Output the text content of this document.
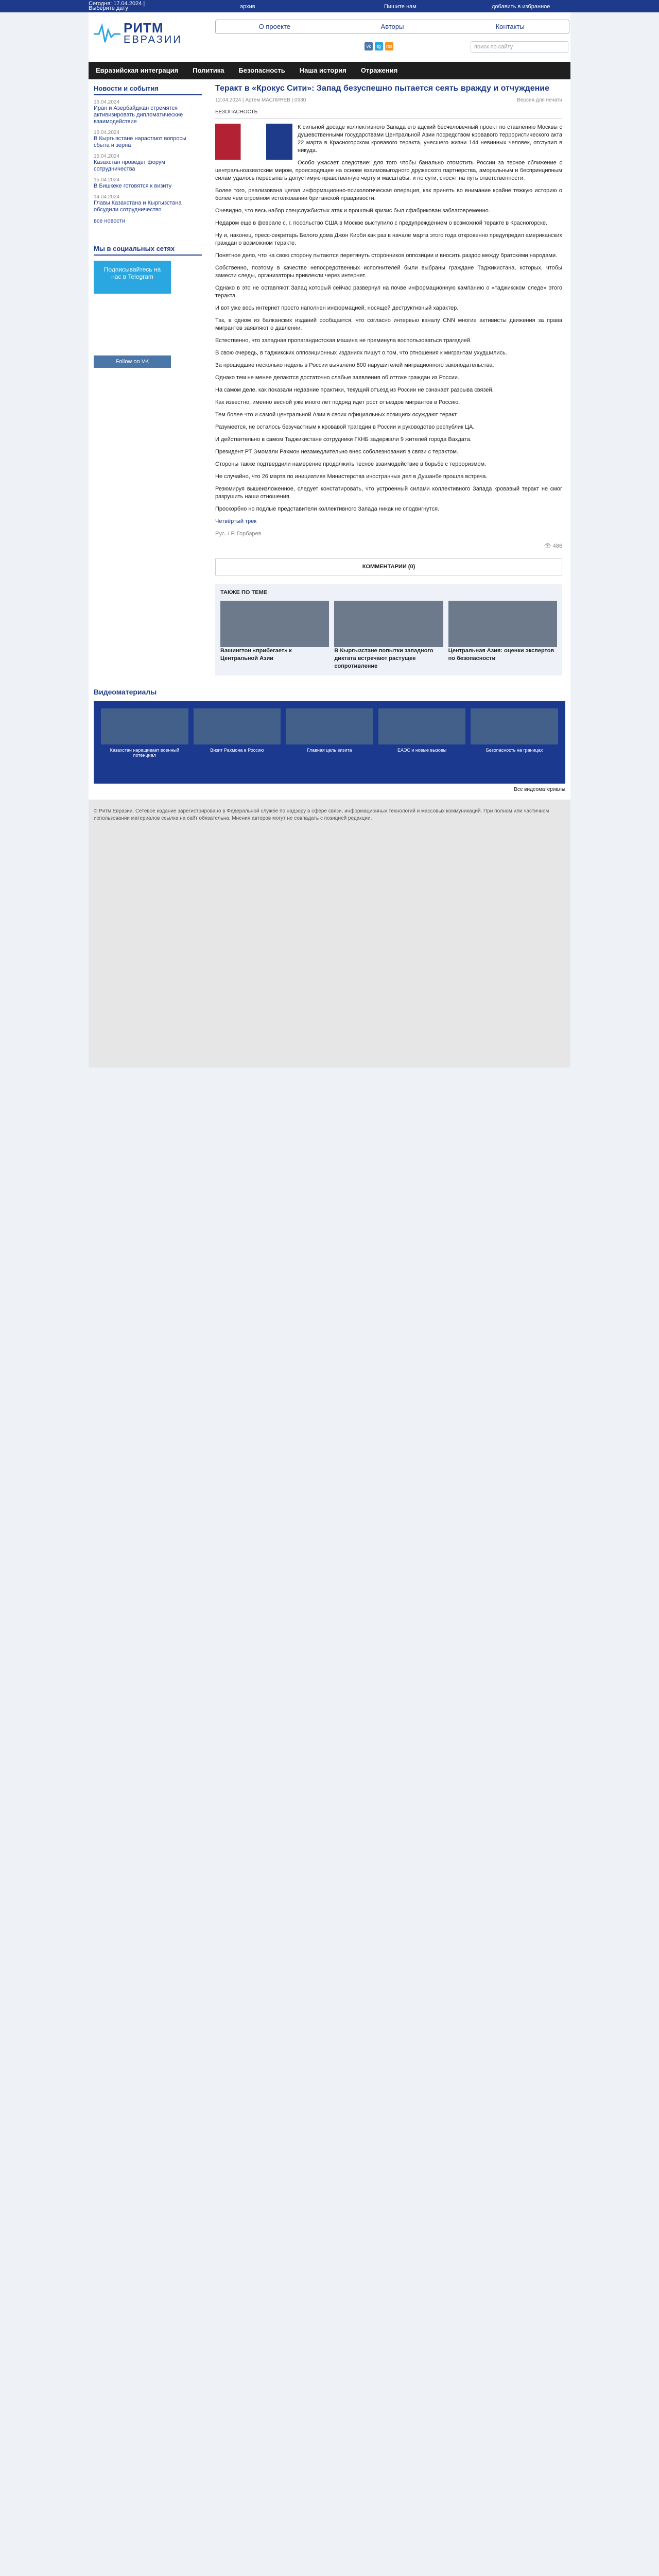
Сегодня: 17.04.2024 |
Выберите дату	архив	Пишите нам	добавить в избранное
РИТМ
ЕВРАЗИИ
О проекте	Авторы	Контакты
vk	tg	rss	поиск по сайту
Евразийская интеграция	Политика	Безопасность	Наша история	Отражения
Новости и события
16.04.2024
Иран и Азербайджан стремятся активизировать дипломатические взаимодействие
16.04.2024
В Кыргызстане нарастают вопросы сбыта и зерна
15.04.2024
Казахстан проведет форум сотрудничества
15.04.2024
В Бишкеке готовятся к визиту
14.04.2024
Главы Казахстана и Кыргызстана обсудили сотрудничество
все новости
Мы в социальных сетях
Подписывайтесь на нас в Telegram
Follow on VK
Теракт в «Крокус Сити»: Запад безуспешно пытается сеять вражду и отчуждение
12.04.2024 | Артем МАСЛИЯЕВ | 0930	Версия для печати
БЕЗОПАСНОСТЬ

К сильной досаде коллективного Запада его адский бесчеловечный проект по ставлению Москвы с душевственными государствами Центральной Азии посредством кровавого террористического акта 22 марта в Красногорском кровавого теракта, унесшего жизни 144 невинных человек, отступил в никуда.

Особо ужасает следствие: для того чтобы банально отомстить России за тесное сближение с центральноазиатским миром, происходящее на основе взаимовыгодного дружеского партнерства, аморальным и беспринципным силам удалось пересыпать допустимую нравственную черту и масштабы, и по сути, сносят на путь ответственности.

Более того, реализована целая информационно-психологическая операция, как принять во внимание крайне тяжкую историю о более чем огромном истолковании британской правдивости.

Очевидно, что весь набор спецслужбистых атак и прошлый кризис был сфабрикован заблаговременно.

Недаром еще в феврале с. г. посольство США в Москве выступило с предупреждением о возможной теракте в Красногорске.

Ну и, наконец, пресс-секретарь Белого дома Джон Кирби как раз в начале марта этого года откровенно предупредил американских граждан о возможном теракте.

Понятное дело, что на свою сторону пытаются перетянуть сторонников оппозиции и вносить раздор между братскими народами.

Собственно, поэтому в качестве непосредственных исполнителей были выбраны граждане Таджикистана, которых, чтобы замести следы, организаторы привлекли через интернет.

Однако в это не оставляют Запад который сейчас развернул на почве информационную кампанию о «таджикском следе» этого теракта.

И вот уже весь интернет просто наполнен информацией, носящей деструктивный характер.

Так, в одном из балканских изданий сообщается, что согласно интервью каналу CNN многие активисты движения за права мигрантов заявляют о давлении.

Естественно, что западная пропагандистская машина не преминула воспользоваться трагедией.

В свою очередь, в таджикских оппозиционных изданиях пишут о том, что отношения к мигрантам ухудшились.

За прошедшие несколько недель в России выявлено 800 нарушителей миграционного законодательства.

Однако тем не менее делаются достаточно слабые заявления об оттоке граждан из России.

На самом деле, как показали недавние практики, текущий отъезд из России не означает разрыва связей.

Как известно, именно весной уже много лет подряд идет рост отъездов мигрантов в Россию.

Тем более что и самой центральной Азии в своих официальных позициях осуждают теракт.

Разумеется, не осталось безучастным к кровавой трагедии в России и руководство республик ЦА.

И действительно в самом Таджикистане сотрудники ГКНБ задержали 9 жителей города Вахдата.

Президент РТ Эмомали Рахмон незамедлительно внес соболезнования в связи с терактом.

Стороны также подтвердили намерение продолжить тесное взаимодействие в борьбе с терроризмом.

Не случайно, что 26 марта по инициативе Министерства иностранных дел в Душанбе прошла встреча.

Резюмируя вышеизложенное, следует констатировать, что устроенный силами коллективного Запада кровавый теракт не смог разрушить наши отношения.

Проскорбно но подлые представители коллективного Запада никак не сподвигнутся.

Четвёртый трек

Рус. / Р. Горбарев

👁 486
КОММЕНТАРИИ (0)
ТАКЖЕ ПО ТЕМЕ
Вашингтон «прибегает» к Центральной Азии
В Кыргызстане попытки западного диктата встречают растущее сопротивление
Центральная Азия: оценки экспертов по безопасности
Видеоматериалы
Казахстан наращивает военный потенциал
Визит Рахмона в Россию	Главная цель визита	ЕАЭС и новые вызовы	Безопасность на границах
Все видеоматериалы
© Ритм Евразии. Сетевое издание зарегистрировано в Федеральной службе по надзору в сфере связи, информационных технологий и массовых коммуникаций. При полном или частичном использовании материалов ссылка на сайт обязательна. Мнения авторов могут не совпадать с позицией редакции.
